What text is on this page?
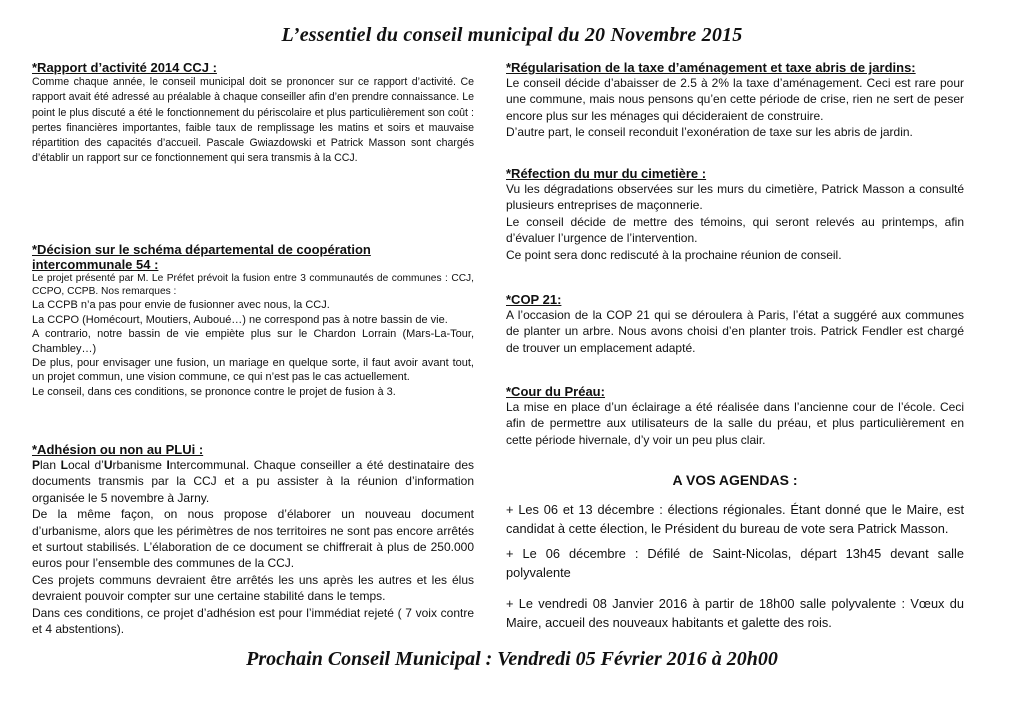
L’essentiel du conseil municipal du 20 Novembre 2015

*Rapport d’activité 2014 CCJ :

Comme chaque année, le conseil municipal doit se prononcer sur ce rapport d’activité. Ce rapport avait été adressé au préalable à chaque conseiller afin d’en prendre connaissance. Le point le plus discuté a été le fonctionnement du périscolaire et plus particulièrement son coût : pertes financières importantes, faible taux de remplissage les matins et soirs et mauvaise répartition des capacités d’accueil. Pascale Gwiazdowski et Patrick Masson sont chargés d’établir un rapport sur ce fonctionnement qui sera transmis à la CCJ.

*Décision sur le schéma départemental de coopération intercommunale 54 :

Le projet présenté par M. Le Préfet prévoit la fusion entre 3 communautés de communes : CCJ, CCPO, CCPB. Nos remarques :

La CCPB n’a pas pour envie de fusionner avec nous, la CCJ.

La CCPO (Homécourt, Moutiers, Auboué…) ne correspond pas à notre bassin de vie.

A contrario, notre bassin de vie empiète plus sur le Chardon Lorrain (Mars-La-Tour, Chambley…)

De plus, pour envisager une fusion, un mariage en quelque sorte, il faut avoir avant tout, un projet commun, une vision commune, ce qui n’est pas le cas actuellement.

Le conseil, dans ces conditions, se prononce contre le projet de fusion à 3.

*Adhésion ou non au PLUi :

Plan Local d’Urbanisme Intercommunal. Chaque conseiller a été destinataire des documents transmis par la CCJ et a pu assister à la réunion d’information organisée le 5 novembre à Jarny.

De la même façon, on nous propose d’élaborer un nouveau document d’urbanisme, alors que les périmètres de nos territoires ne sont pas encore arrêtés et surtout stabilisés. L’élaboration de ce document se chiffrerait à plus de 250.000 euros pour l’ensemble des communes de la CCJ.

Ces projets communs devraient être arrêtés les uns après les autres et les élus devraient pouvoir compter sur une certaine stabilité dans le temps.

Dans ces conditions, ce projet d’adhésion est pour l’immédiat rejeté ( 7 voix contre et 4 abstentions).

*Régularisation de la taxe d’aménagement et taxe abris de jardins:

Le conseil décide d’abaisser de 2.5 à 2% la taxe d’aménagement. Ceci est rare pour une commune, mais nous pensons qu’en cette période de crise, rien ne sert de peser encore plus sur les ménages qui décideraient de construire.

D’autre part, le conseil reconduit l’exonération de taxe sur les abris de jardin.

*Réfection du mur du cimetière :

Vu les dégradations observées sur les murs du cimetière, Patrick Masson a consulté plusieurs entreprises de maçonnerie.

Le conseil décide de mettre des témoins, qui seront relevés au printemps, afin d’évaluer l’urgence de l’intervention.

Ce point sera donc rediscuté à la prochaine réunion de conseil.

*COP 21:

A l’occasion de la COP 21 qui se déroulera à Paris, l’état a suggéré aux communes de planter un arbre. Nous avons choisi d’en planter trois. Patrick Fendler est chargé de trouver un emplacement adapté.

*Cour du Préau:

La mise en place d’un éclairage a été réalisée dans l’ancienne cour de l’école. Ceci afin de permettre aux utilisateurs de la salle du préau, et plus particulièrement en cette période hivernale, d’y voir un peu plus clair.

A VOS AGENDAS :
+ Les 06 et 13 décembre : élections régionales. Étant donné que le Maire, est candidat à cette élection, le Président du bureau de vote sera Patrick Masson.
+ Le 06 décembre : Défilé de Saint-Nicolas, départ 13h45 devant salle polyvalente
+ Le vendredi 08 Janvier 2016 à partir de 18h00 salle polyvalente : Vœux du Maire, accueil des nouveaux habitants et galette des rois.
Prochain Conseil Municipal : Vendredi 05 Février 2016 à 20h00
